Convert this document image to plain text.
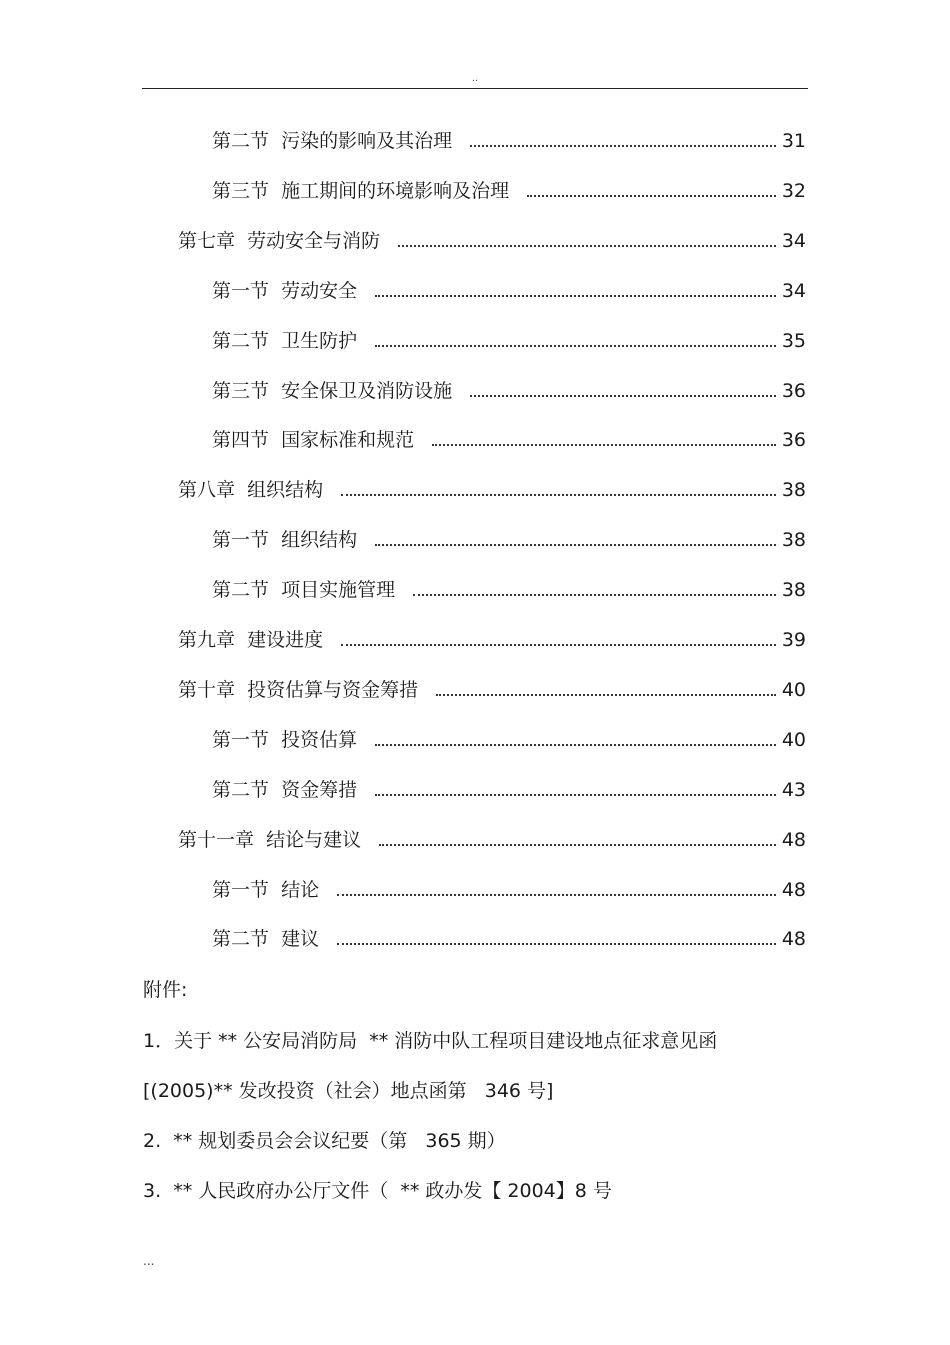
..
第二节  污染的影响及其治理	31
第三节  施工期间的环境影响及治理	32
第七章  劳动安全与消防	34
第一节  劳动安全	34
第二节  卫生防护	35
第三节  安全保卫及消防设施	36
第四节  国家标准和规范	36
第八章  组织结构	38
第一节  组织结构	38
第二节  项目实施管理	38
第九章  建设进度	39
第十章  投资估算与资金筹措	40
第一节  投资估算	40
第二节  资金筹措	43
第十一章  结论与建议	48
第一节  结论	48
第二节  建议	48
附件:
1．关于 ** 公安局消防局  ** 消防中队工程项目建设地点征求意见函
[(2005)** 发改投资（社会）地点函第   346 号]
2.  ** 规划委员会会议纪要（第   365 期）
3.  ** 人民政府办公厅文件（  ** 政办发【 2004】8 号
...
